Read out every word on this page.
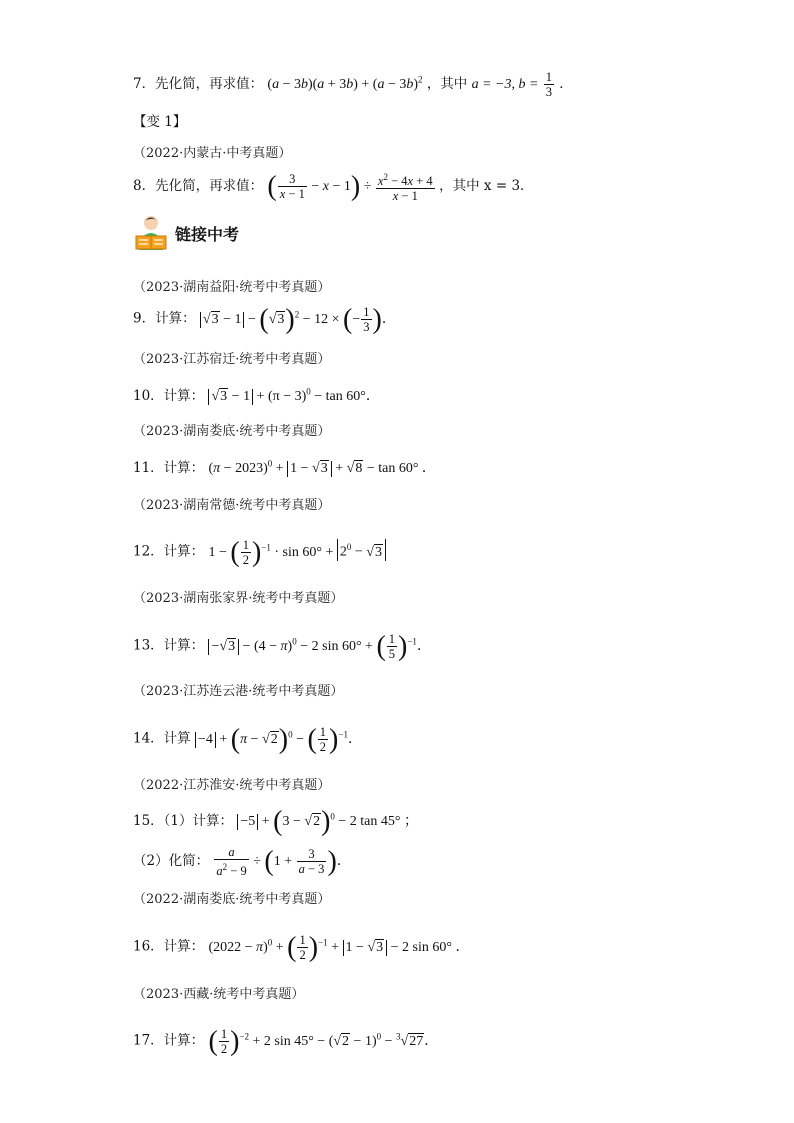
7．先化简，再求值： $(a - 3b)(a + 3b) + (a - 3b)^2$ ，其中 a = −3, $b = \frac{1}{3}$ ．
【变 1】
（2022·内蒙古·中考真题）
8．先化简，再求值： ( $\frac{3}{x - 1} - x - 1) \div \frac{x^2 - 4x + 4}{x - 1}$ ，其中 x = 3．
链接中考
（2023·湖南益阳·统考中考真题）
9．计算： $√3 - 1 - (√3)^2 - 12$ × (− $\frac{1}{3}$ )．
（2023·江苏宿迁·统考中考真题）
10．计算： $√3 - 1 + (\pi - 3)^0 - \tan 60^\circ$．
（2023·湖南娄底·统考中考真题）
11．计算： $(\pi - 2023)^0 + 1 - √3 + √8 - \tan 60^\circ$ ．
（2023·湖南常德·统考中考真题）
12．计算： 1 − ( $\frac{1}{2} )^{-1} \cdot \sin 60^\circ + 2^0 - √3$
（2023·湖南张家界·统考中考真题）
13．计算： $-√3 - (4 - \pi)^0 - 2$ sin 60° + ( $\frac{1}{5} )^{-1}$．
（2023·江苏连云港·统考中考真题）
14．计算 $-4 + (\pi - √2)^0$ − ( $\frac{1}{2} )^{-1}$．
（2022·江苏淮安·统考中考真题）
15．（1）计算： $-5 + (3 - √2)^0 - 2$ tan 45° ；
（2）化简： $\frac{a}{a^2 - 9} \div (1 + \frac{3}{a - 3}$ )．
（2022·湖南娄底·统考中考真题）
16．计算： $(2022 - \pi)^0$ + ( $\frac{1}{2} )^{-1} + 1 - √3 - 2$ sin 60° ．
（2023·西藏·统考中考真题）
17．计算： ( $\frac{1}{2} )^{-2} + 2$ $\sin 45^\circ - (√2 - 1)^0 - ^3√27$．
